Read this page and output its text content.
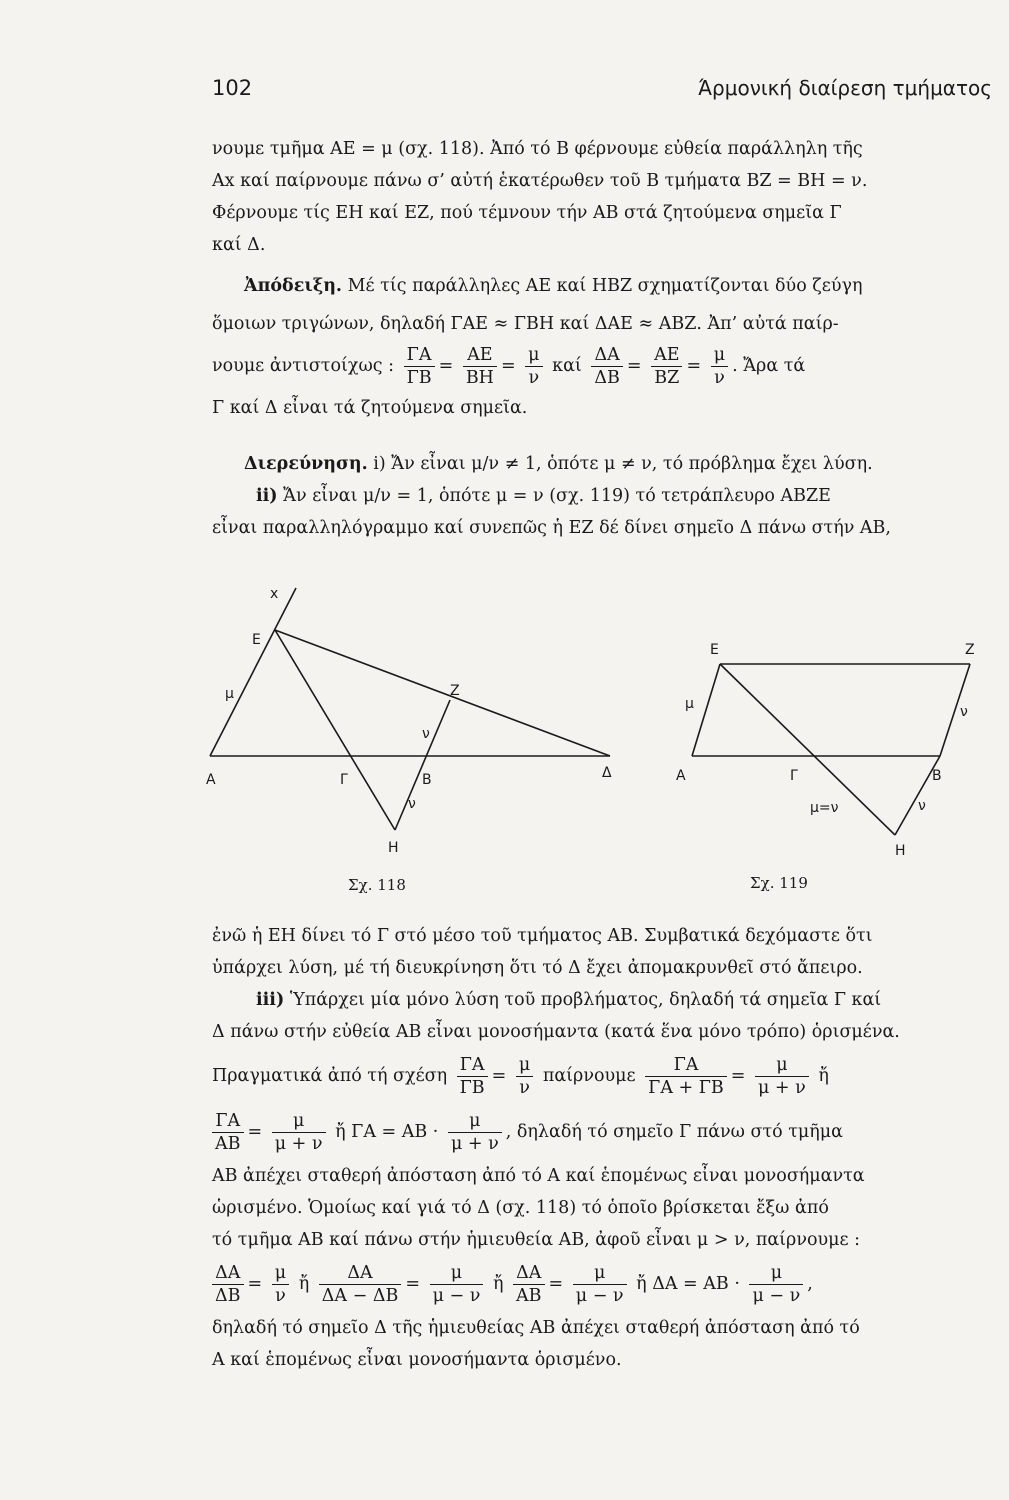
102	Άρμονική διαίρεση τμήματος
νουμε τμῆμα ΑΕ = μ (σχ. 118). Ἀπό τό Β φέρνουμε εὐθεία παράλληλη τῆς
Αx καί παίρνουμε πάνω σ’ αὐτή ἑκατέρωθεν τοῦ Β τμήματα ΒΖ = ΒΗ = ν.
Φέρνουμε τίς ΕΗ καί ΕΖ, πού τέμνουν τήν ΑΒ στά ζητούμενα σημεῖα Γ
καί Δ.
Ἀπόδειξη. Μέ τίς παράλληλες ΑΕ καί ΗΒΖ σχηματίζονται δύο ζεύγη
ὅμοιων τριγώνων, δηλαδή ΓΑΕ ≈ ΓΒΗ καί ΔΑΕ ≈ ΑΒΖ. Ἀπ’ αὐτά παίρ-
νουμε ἀντιστοίχως : $\frac{\Gamma A}{\Gamma B} = \frac{AE}{BH} = \frac{\mu}{\nu}$ καί $\frac{\Delta A}{\Delta B} = \frac{AE}{BZ} = \frac{\mu}{\nu}$ . Ἄρα τά
Γ καί Δ εἶναι τά ζητούμενα σημεῖα.
Διερεύνηση. i) Ἄν εἶναι μ/ν ≠ 1, ὁπότε μ ≠ ν, τό πρόβλημα ἔχει λύση.
ii) Ἄν εἶναι μ/ν = 1, ὁπότε μ = ν (σχ. 119) τό τετράπλευρο ΑΒΖΕ
εἶναι παραλληλόγραμμο καί συνεπῶς ἡ ΕΖ δέ δίνει σημεῖο Δ πάνω στήν ΑΒ,
x
Ε
μ	Ζ
ν
Α	Γ	Β	Δ
ν
Η
Σχ. 118
Ε	Ζ
μ	ν
Α	Γ	Β
μ=ν	ν
Η
Σχ. 119
ἐνῶ ἡ ΕΗ δίνει τό Γ στό μέσο τοῦ τμήματος ΑΒ. Συμβατικά δεχόμαστε ὅτι
ὑπάρχει λύση, μέ τή διευκρίνηση ὅτι τό Δ ἔχει ἀπομακρυνθεῖ στό ἄπειρο.
iii) Ὑπάρχει μία μόνο λύση τοῦ προβλήματος, δηλαδή τά σημεῖα Γ καί
Δ πάνω στήν εὐθεία ΑΒ εἶναι μονοσήμαντα (κατά ἕνα μόνο τρόπο) ὁρισμένα.
Πραγματικά ἀπό τή σχέση $\frac{\Gamma A}{\Gamma B} = \frac{\mu}{\nu}$ παίρνουμε $\frac{\Gamma A}{\Gamma A + \Gamma B} = \frac{\mu}{\mu + \nu}$ ἤ
$\frac{\Gamma A}{AB} = \frac{\mu}{\mu + \nu}$ ἤ $\Gamma A = AB \cdot \frac{\mu}{\mu + \nu}$ , δηλαδή τό σημεῖο Γ πάνω στό τμῆμα
ΑΒ ἀπέχει σταθερή ἀπόσταση ἀπό τό Α καί ἑπομένως εἶναι μονοσήμαντα
ὡρισμένο. Ὁμοίως καί γιά τό Δ (σχ. 118) τό ὁποῖο βρίσκεται ἔξω ἀπό
τό τμῆμα ΑΒ καί πάνω στήν ἡμιευθεία ΑΒ, ἀφοῦ εἶναι μ > ν, παίρνουμε :
$\frac{\Delta A}{\Delta B} = \frac{\mu}{\nu}$ ἤ $\frac{\Delta A}{\Delta A - \Delta B} = \frac{\mu}{\mu - \nu}$ ἤ $\frac{\Delta A}{AB} = \frac{\mu}{\mu - \nu}$ ἤ $\Delta A = AB \cdot \frac{\mu}{\mu - \nu}$ ,
δηλαδή τό σημεῖο Δ τῆς ἡμιευθείας ΑΒ ἀπέχει σταθερή ἀπόσταση ἀπό τό
Α καί ἑπομένως εἶναι μονοσήμαντα ὁρισμένο.
